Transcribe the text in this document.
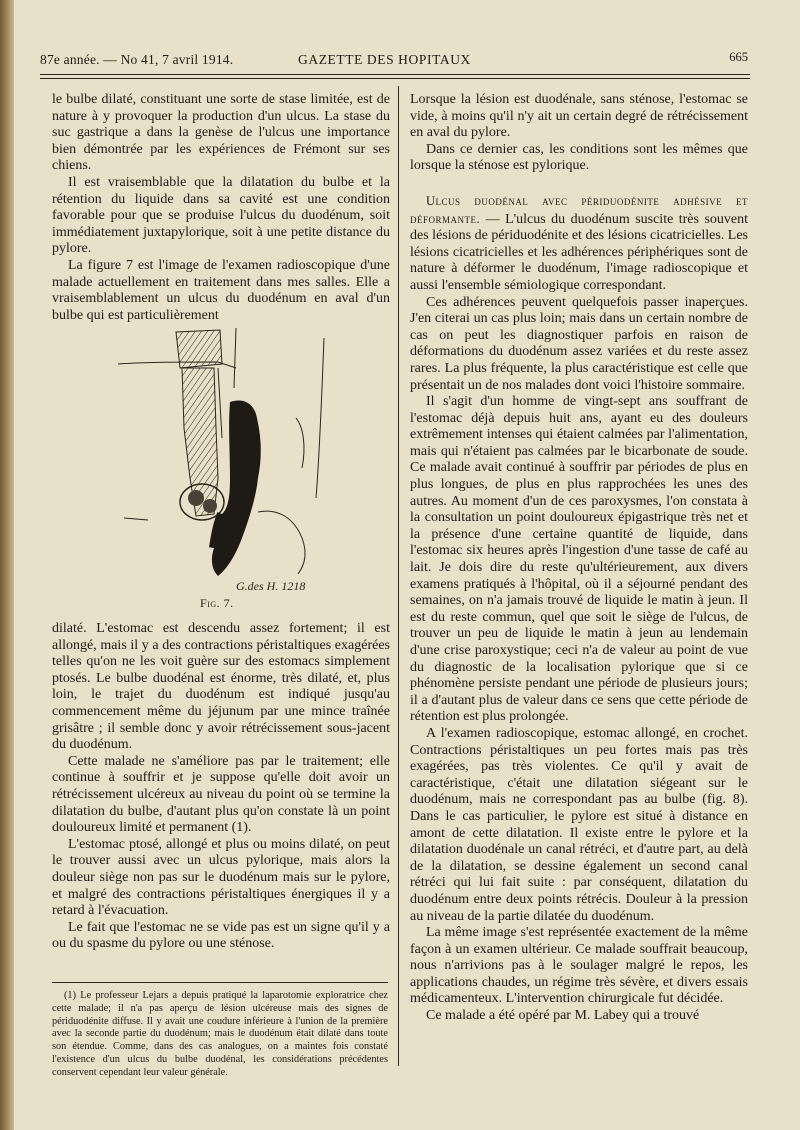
87e année. — No 41, 7 avril 1914.	GAZETTE DES HOPITAUX	665

le bulbe dilaté, constituant une sorte de stase limitée, est de nature à y provoquer la production d'un ulcus. La stase du suc gastrique a dans la genèse de l'ulcus une importance bien démontrée par les expériences de Frémont sur ses chiens.

Il est vraisemblable que la dilatation du bulbe et la rétention du liquide dans sa cavité est une condition favorable pour que se produise l'ulcus du duodénum, soit immédiatement juxtapylorique, soit à une petite distance du pylore.

La figure 7 est l'image de l'examen radioscopique d'une malade actuellement en traitement dans mes salles. Elle a vraisemblablement un ulcus du duodénum en aval d'un bulbe qui est particulièrement

G.des H. 1218
Fig. 7.

dilaté. L'estomac est descendu assez fortement; il est allongé, mais il y a des contractions péristaltiques exagérées telles qu'on ne les voit guère sur des estomacs simplement ptosés. Le bulbe duodénal est énorme, très dilaté, et, plus loin, le trajet du duodénum est indiqué jusqu'au commencement même du jéjunum par une mince traînée grisâtre ; il semble donc y avoir rétrécissement sous-jacent du duodénum.

Cette malade ne s'améliore pas par le traitement; elle continue à souffrir et je suppose qu'elle doit avoir un rétrécissement ulcéreux au niveau du point où se termine la dilatation du bulbe, d'autant plus qu'on constate là un point douloureux limité et permanent (1).

L'estomac ptosé, allongé et plus ou moins dilaté, on peut le trouver aussi avec un ulcus pylorique, mais alors la douleur siège non pas sur le duodénum mais sur le pylore, et malgré des contractions péristaltiques énergiques il y a retard à l'évacuation.

Le fait que l'estomac ne se vide pas est un signe qu'il y a ou du spasme du pylore ou une sténose.

(1) Le professeur Lejars a depuis pratiqué la laparotomie exploratrice chez cette malade; il n'a pas aperçu de lésion ulcéreuse mais des signes de périduodénite diffuse. Il y avait une coudure inférieure à l'union de la première avec la seconde partie du duodénum; mais le duodénum était dilaté dans toute son étendue. Comme, dans des cas analogues, on a maintes fois constaté l'existence d'un ulcus du bulbe duodénal, les considérations précédentes conservent cependant leur valeur générale.

Lorsque la lésion est duodénale, sans sténose, l'estomac se vide, à moins qu'il n'y ait un certain degré de rétrécissement en aval du pylore.

Dans ce dernier cas, les conditions sont les mêmes que lorsque la sténose est pylorique.

Ulcus duodénal avec périduodénite adhésive et déformante. — L'ulcus du duodénum suscite très souvent des lésions de périduodénite et des lésions cicatricielles. Les lésions cicatricielles et les adhérences périphériques sont de nature à déformer le duodénum, l'image radioscopique et aussi l'ensemble sémiologique correspondant.

Ces adhérences peuvent quelquefois passer inaperçues. J'en citerai un cas plus loin; mais dans un certain nombre de cas on peut les diagnostiquer parfois en raison de déformations du duodénum assez variées et du reste assez rares. La plus fréquente, la plus caractéristique est celle que présentait un de nos malades dont voici l'histoire sommaire.

Il s'agit d'un homme de vingt-sept ans souffrant de l'estomac déjà depuis huit ans, ayant eu des douleurs extrêmement intenses qui étaient calmées par l'alimentation, mais qui n'étaient pas calmées par le bicarbonate de soude. Ce malade avait continué à souffrir par périodes de plus en plus longues, de plus en plus rapprochées les unes des autres. Au moment d'un de ces paroxysmes, l'on constata à la consultation un point douloureux épigastrique très net et la présence d'une certaine quantité de liquide, dans l'estomac six heures après l'ingestion d'une tasse de café au lait. Je dois dire du reste qu'ultérieurement, aux divers examens pratiqués à l'hôpital, où il a séjourné pendant des semaines, on n'a jamais trouvé de liquide le matin à jeun. Il est du reste commun, quel que soit le siège de l'ulcus, de trouver un peu de liquide le matin à jeun au lendemain d'une crise paroxystique; ceci n'a de valeur au point de vue du diagnostic de la localisation pylorique que si ce phénomène persiste pendant une période de plusieurs jours; il a d'autant plus de valeur dans ce sens que cette période de rétention est plus prolongée.

A l'examen radioscopique, estomac allongé, en crochet. Contractions péristaltiques un peu fortes mais pas très exagérées, pas très violentes. Ce qu'il y avait de caractéristique, c'était une dilatation siégeant sur le duodénum, mais ne correspondant pas au bulbe (fig. 8). Dans le cas particulier, le pylore est situé à distance en amont de cette dilatation. Il existe entre le pylore et la dilatation duodénale un canal rétréci, et d'autre part, au delà de la dilatation, se dessine également un second canal rétréci qui lui fait suite : par conséquent, dilatation du duodénum entre deux points rétrécis. Douleur à la pression au niveau de la partie dilatée du duodénum.

La même image s'est représentée exactement de la même façon à un examen ultérieur. Ce malade souffrait beaucoup, nous n'arrivions pas à le soulager malgré le repos, les applications chaudes, un régime très sévère, et divers essais médicamenteux. L'intervention chirurgicale fut décidée.

Ce malade a été opéré par M. Labey qui a trouvé
